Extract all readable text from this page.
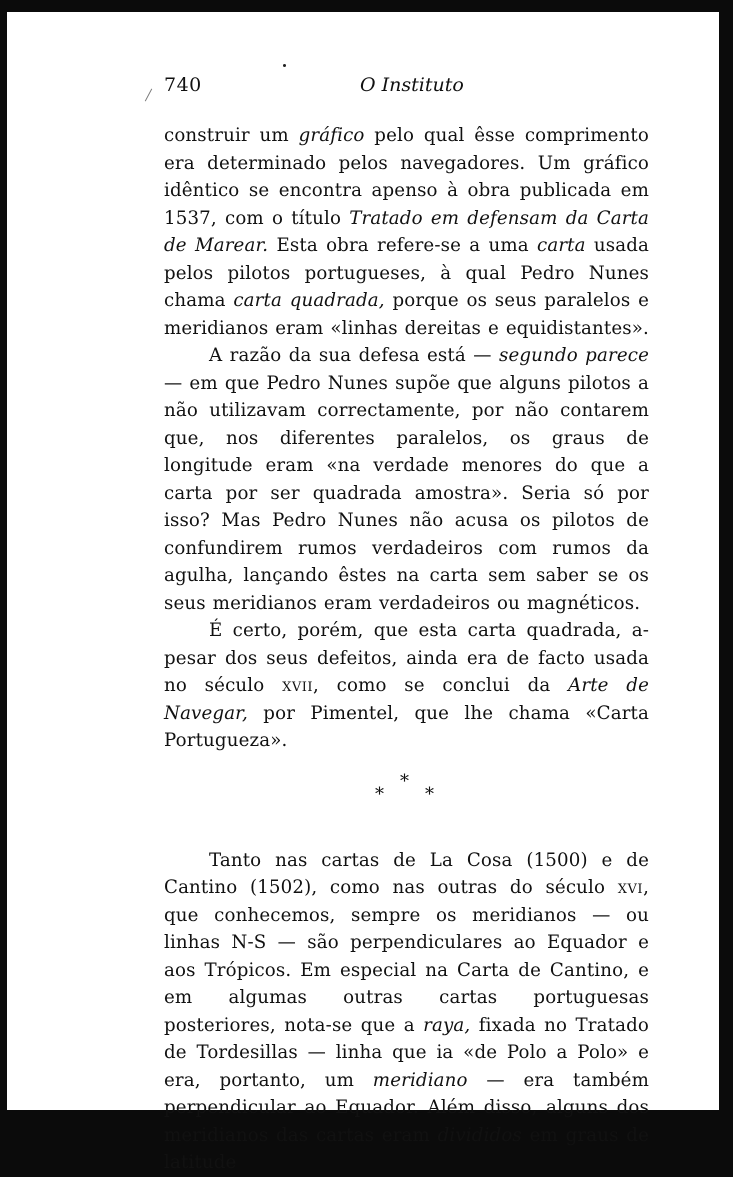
740	O Instituto

construir um gráfico pelo qual êsse comprimento era determinado pelos navegadores. Um gráfico idêntico se encontra apenso à obra publicada em 1537, com o título Tratado em defensam da Carta de Marear. Esta obra refere-se a uma carta usada pelos pilotos portugueses, à qual Pedro Nunes chama carta quadrada, porque os seus paralelos e meridianos eram «linhas dereitas e equidistantes».

A razão da sua defesa está — segundo parece — em que Pedro Nunes supõe que alguns pilotos a não utilizavam correctamente, por não contarem que, nos diferentes paralelos, os graus de longitude eram «na verdade menores do que a carta por ser quadrada amostra». Seria só por isso? Mas Pedro Nunes não acusa os pilotos de confundirem rumos verdadeiros com rumos da agulha, lançando êstes na carta sem saber se os seus meridianos eram verdadeiros ou magnéticos.

É certo, porém, que esta carta quadrada, a-pesar dos seus defeitos, ainda era de facto usada no século xvii, como se conclui da Arte de Navegar, por Pimentel, que lhe chama «Carta Portugueza».

*
* *

Tanto nas cartas de La Cosa (1500) e de Cantino (1502), como nas outras do século xvi, que conhecemos, sempre os meridianos — ou linhas N-S — são perpendiculares ao Equador e aos Trópicos. Em especial na Carta de Cantino, e em algumas outras cartas portuguesas posteriores, nota-se que a raya, fixada no Tratado de Tordesillas — linha que ia «de Polo a Polo» e era, portanto, um meridiano — era também perpendicular ao Equador. Além disso, alguns dos meridianos das cartas eram divididos em graus de latitude
